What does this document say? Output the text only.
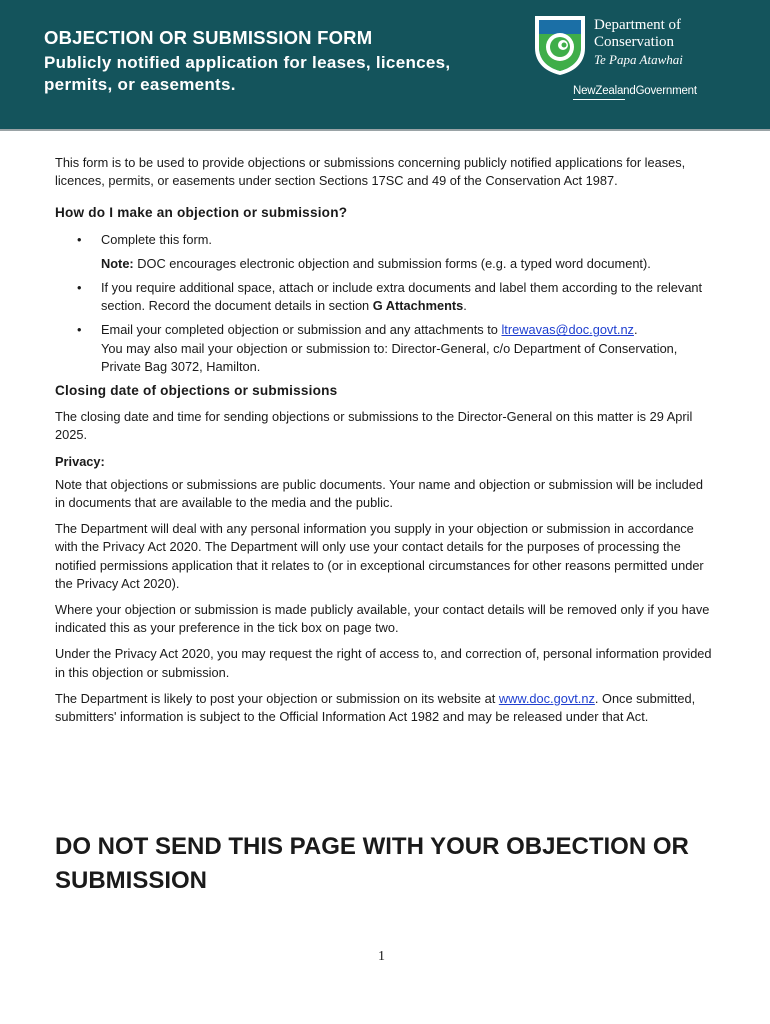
OBJECTION OR SUBMISSION FORM
Publicly notified application for leases, licences, permits, or easements.
Department of
Conservation
Te Papa Atawhai
NewZealandGovernment

This form is to be used to provide objections or submissions concerning publicly notified applications for leases, licences, permits, or easements under section Sections 17SC and 49 of the Conservation Act 1987.

How do I make an objection or submission?
• Complete this form.
Note: DOC encourages electronic objection and submission forms (e.g. a typed word document).
• If you require additional space, attach or include extra documents and label them according to the relevant section. Record the document details in section G Attachments.
• Email your completed objection or submission and any attachments to ltrewavas@doc.govt.nz.
You may also mail your objection or submission to: Director-General, c/o Department of Conservation, Private Bag 3072, Hamilton.
Closing date of objections or submissions

The closing date and time for sending objections or submissions to the Director-General on this matter is 29 April 2025.

Privacy:

Note that objections or submissions are public documents. Your name and objection or submission will be included in documents that are available to the media and the public.

The Department will deal with any personal information you supply in your objection or submission in accordance with the Privacy Act 2020. The Department will only use your contact details for the purposes of processing the notified permissions application that it relates to (or in exceptional circumstances for other reasons permitted under the Privacy Act 2020).

Where your objection or submission is made publicly available, your contact details will be removed only if you have indicated this as your preference in the tick box on page two.

Under the Privacy Act 2020, you may request the right of access to, and correction of, personal information provided in this objection or submission.

The Department is likely to post your objection or submission on its website at www.doc.govt.nz. Once submitted, submitters' information is subject to the Official Information Act 1982 and may be released under that Act.

DO NOT SEND THIS PAGE WITH YOUR OBJECTION OR SUBMISSION
1
